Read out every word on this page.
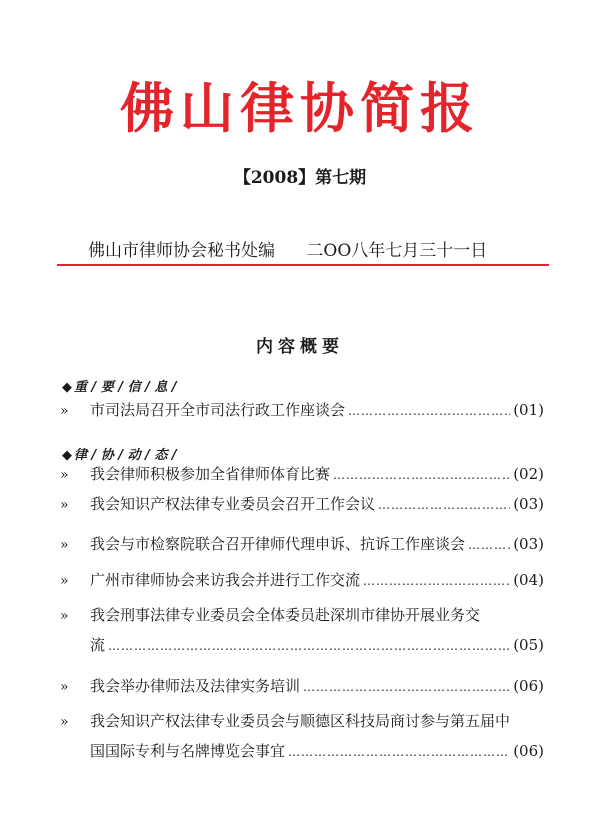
佛山律协简报
【2008】第七期
佛山市律师协会秘书处编 二OO八年七月三十一日
内容概要
◆ 重 / 要 / 信 / 息 /
»	市司法局召开全市司法行政工作座谈会 ……………………………………………………………………………………………………………………………………………………	(01)
◆ 律 / 协 / 动 / 态 /
»	我会律师积极参加全省律师体育比赛 ……………………………………………………………………………………………………………………………………………………	(02)
»	我会知识产权法律专业委员会召开工作会议 ……………………………………………………………………………………………………………………………………………………	(03)
»	我会与市检察院联合召开律师代理申诉、抗诉工作座谈会 ……………………………………………………………………………………………………………………………………………………	(03)
»	广州市律师协会来访我会并进行工作交流 ……………………………………………………………………………………………………………………………………………………	(04)
»	我会刑事法律专业委员会全体委员赴深圳市律协开展业务交
流 ……………………………………………………………………………………………………………………………………………………	(05)
»	我会举办律师法及法律实务培训 ……………………………………………………………………………………………………………………………………………………	(06)
»	我会知识产权法律专业委员会与顺德区科技局商讨参与第五届中
国国际专利与名牌博览会事宜 ……………………………………………………………………………………………………………………………………………………	(06)
